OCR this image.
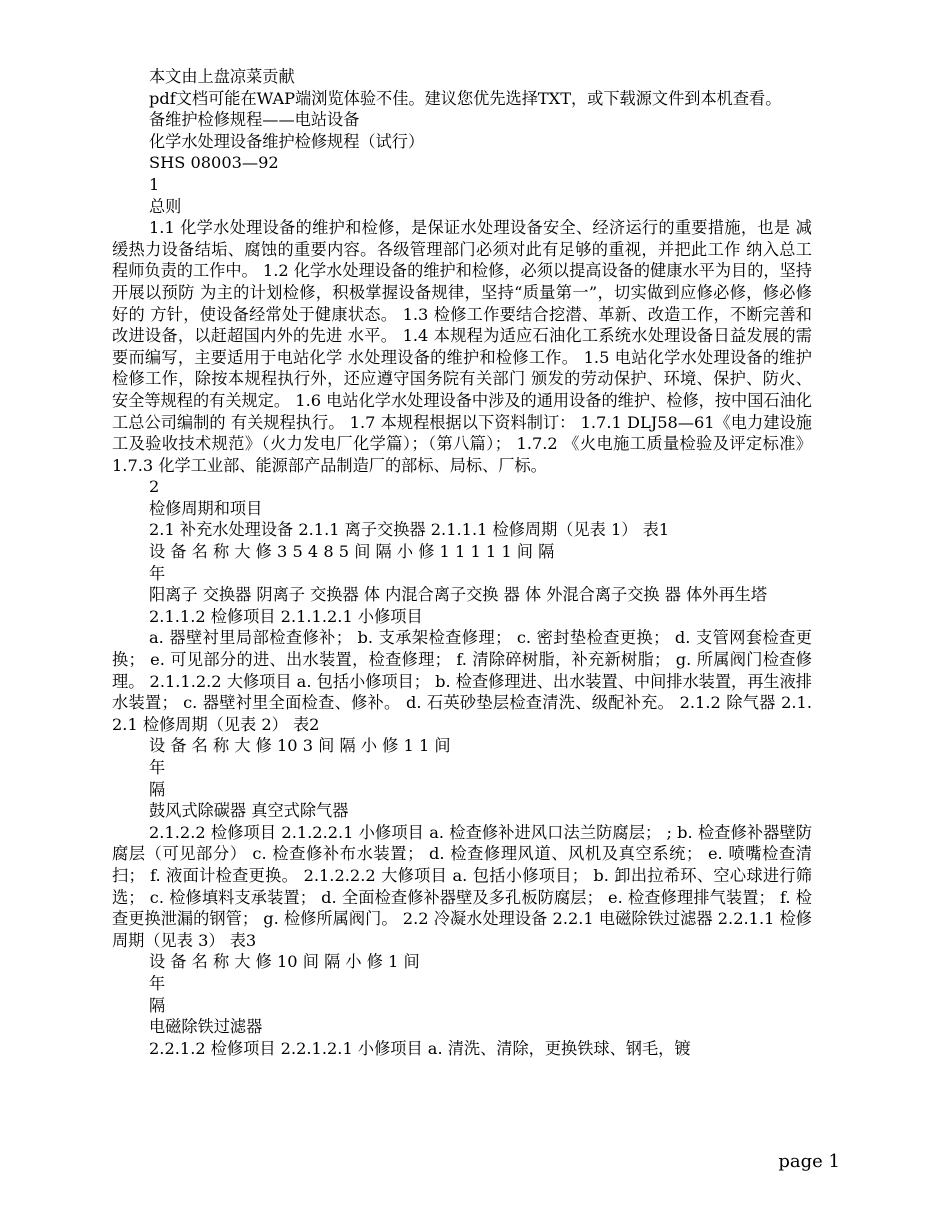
本文由上盘凉菜贡献
pdf文档可能在WAP端浏览体验不佳。建议您优先选择TXT，或下载源文件到本机查看。
备维护检修规程——电站设备
化学水处理设备维护检修规程（试行）
SHS 08003—92
1
总则
1.1 化学水处理设备的维护和检修，是保证水处理设备安全、经济运行的重要措施，也是 减缓热力设备结垢、腐蚀的重要内容。各级管理部门必须对此有足够的重视，并把此工作 纳入总工程师负责的工作中。 1.2 化学水处理设备的维护和检修，必须以提高设备的健康水平为目的，坚持开展以预防 为主的计划检修，积极掌握设备规律，坚持“质量第一”，切实做到应修必修，修必修好的 方针，使设备经常处于健康状态。 1.3 检修工作要结合挖潜、革新、改造工作，不断完善和改进设备，以赶超国内外的先进 水平。 1.4 本规程为适应石油化工系统水处理设备日益发展的需要而编写，主要适用于电站化学 水处理设备的维护和检修工作。 1.5 电站化学水处理设备的维护检修工作，除按本规程执行外，还应遵守国务院有关部门 颁发的劳动保护、环境、保护、防火、安全等规程的有关规定。 1.6 电站化学水处理设备中涉及的通用设备的维护、检修，按中国石油化工总公司编制的 有关规程执行。 1.7 本规程根据以下资料制订： 1.7.1 DLJ58—61《电力建设施工及验收技术规范》（火力发电厂化学篇）；（第八篇）； 1.7.2 《火电施工质量检验及评定标准》 1.7.3 化学工业部、能源部产品制造厂的部标、局标、厂标。
2
检修周期和项目
2.1 补充水处理设备 2.1.1 离子交换器 2.1.1.1 检修周期（见表 1） 表1
设 备 名 称 大 修 3 5 4 8 5 间 隔 小 修 1 1 1 1 1 间 隔
年
阳离子 交换器 阴离子 交换器 体 内混合离子交换 器 体 外混合离子交换 器 体外再生塔
2.1.1.2 检修项目 2.1.1.2.1 小修项目
a. 器壁衬里局部检查修补； b. 支承架检查修理； c. 密封垫检查更换； d. 支管网套检查更换； e. 可见部分的进、出水装置，检查修理； f. 清除碎树脂，补充新树脂； g. 所属阀门检查修理。 2.1.1.2.2 大修项目 a. 包括小修项目； b. 检查修理进、出水装置、中间排水装置，再生液排水装置； c. 器壁衬里全面检查、修补。 d. 石英砂垫层检查清洗、级配补充。 2.1.2 除气器 2.1.2.1 检修周期（见表 2） 表2
设 备 名 称 大 修 10 3 间 隔 小 修 1 1 间
年
隔
鼓风式除碳器 真空式除气器
2.1.2.2 检修项目 2.1.2.2.1 小修项目 a. 检查修补进风口法兰防腐层； ; b. 检查修补器壁防腐层（可见部分） c. 检查修补布水装置； d. 检查修理风道、风机及真空系统； e. 喷嘴检查清扫； f. 液面计检查更换。 2.1.2.2.2 大修项目 a. 包括小修项目； b. 卸出拉希环、空心球进行筛选； c. 检修填料支承装置； d. 全面检查修补器壁及多孔板防腐层； e. 检查修理排气装置； f. 检查更换泄漏的钢管； g. 检修所属阀门。 2.2 冷凝水处理设备 2.2.1 电磁除铁过滤器 2.2.1.1 检修周期（见表 3） 表3
设 备 名 称 大 修 10 间 隔 小 修 1 间
年
隔
电磁除铁过滤器
2.2.1.2 检修项目 2.2.1.2.1 小修项目 a. 清洗、清除，更换铁球、钢毛，镀
page 1
